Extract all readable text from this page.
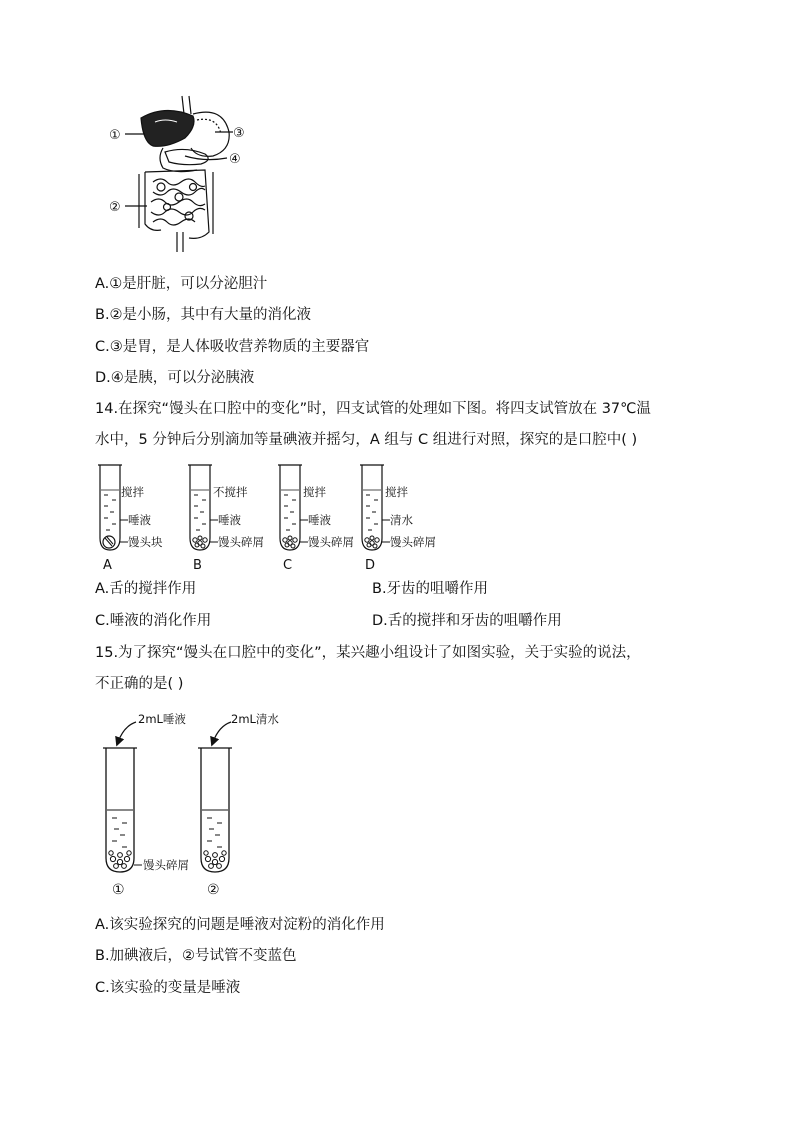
①	③
④
②
A.①是肝脏，可以分泌胆汁
B.②是小肠，其中有大量的消化液
C.③是胃，是人体吸收营养物质的主要器官
D.④是胰，可以分泌胰液
14.在探究“馒头在口腔中的变化”时，四支试管的处理如下图。将四支试管放在 37℃温
水中，5 分钟后分别滴加等量碘液并摇匀，A 组与 C 组进行对照，探究的是口腔中( )
搅拌
唾液
馒头块
A
不搅拌
唾液
馒头碎屑
B
搅拌
唾液
馒头碎屑
C
搅拌
清水
馒头碎屑
D
A.舌的搅拌作用	B.牙齿的咀嚼作用
C.唾液的消化作用	D.舌的搅拌和牙齿的咀嚼作用
15.为了探究“馒头在口腔中的变化”，某兴趣小组设计了如图实验，关于实验的说法，
不正确的是( )
2mL唾液
馒头碎屑
①
2mL清水
②
A.该实验探究的问题是唾液对淀粉的消化作用
B.加碘液后，②号试管不变蓝色
C.该实验的变量是唾液
